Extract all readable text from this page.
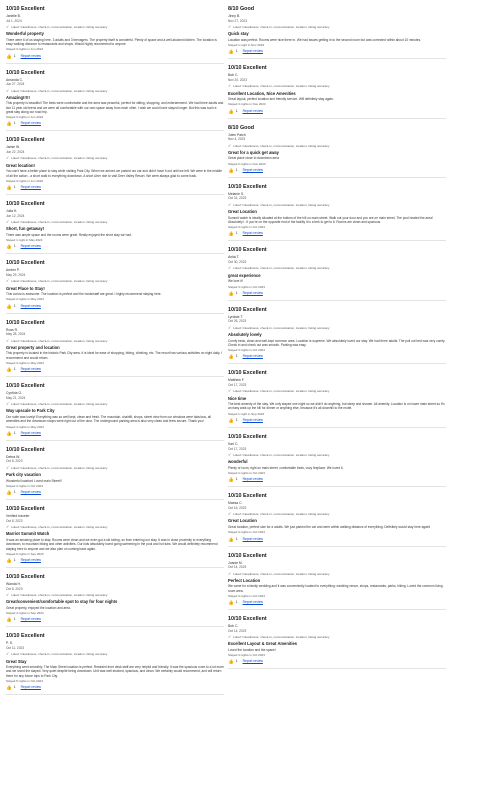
10/10 Excellent
Janelle B.
Jul 1, 2024
✓ Liked: Cleanliness, check-in, communication, location, listing accuracy
Wonderful property
There were 6 of us staying here, 3 adults and 3 teenagers. The property itself is wonderful. Plenty of space and a well-stocked kitchen. The location is easy walking distance to restaurants and shops. Would highly recommend to anyone.
Stayed 3 nights in Jun 2024
👍 1 Report review
10/10 Excellent
Amanda C.
Jun 27, 2024
✓ Liked: Cleanliness, check-in, communication, location, listing accuracy
Amazing!!!!!
This property is beautiful! The beds were comfortable and the area was peaceful, perfect for sitting, shopping, and entertainment. We had three adults and two 11 year old teens and we were all comfortable with our own space away from each other. I wish we could have stayed longer. But this was such a great stay along our road trip.
Stayed 3 nights in Jun 2024
👍 1 Report review
10/10 Excellent
Jamie W.
Jun 22, 2024
✓ Liked: Cleanliness, check-in, communication, location, listing accuracy
Great location!
You can't have a better place to stay while visiting Park City. When we arrived we parked our car and didn't have it out until we left. We were in the middle of all the action - a short walk to everything downtown. A short Uber ride to visit Deer Valley Resort. We were always glad to come back.
Stayed 3 nights in Jun 2024
👍 1 Report review
10/10 Excellent
Julia H.
Jun 12, 2024
✓ Liked: Cleanliness, check-in, communication, location, listing accuracy
Short, fun getaway!
There was ample space and the rooms were great. Really enjoyed the short stay we had.
Stayed 1 night in May 2024
👍 1 Report review
10/10 Excellent
Amber P.
May 29, 2024
✓ Liked: Cleanliness, check-in, communication, location, listing accuracy
Great Place to Stay!
This condo is awesome. The location is perfect and the hosts/staff are great. I highly recommend staying here.
Stayed 2 nights in May 2024
👍 1 Report review
10/10 Excellent
Ross R.
May 28, 2024
✓ Liked: Cleanliness, check-in, communication, location, listing accuracy
Great property and location
This property is located in the historic Park City area. It is ideal for ease of shopping, biking, climbing, etc. The resort has various activities on night daily. I recommend and would return.
Stayed 3 nights in May 2024
👍 1 Report review
10/10 Excellent
Cynthia G.
May 21, 2024
✓ Liked: Cleanliness, check-in, communication, location, listing accuracy
Way upscale to Park City
Our suite was lovely! Everything was so well kept, clean and fresh. The mountain, chairlift, shops, street view from our windows were fabulous, all amenities and the downtown shops were right out of the door. The underground parking area is also very clean and feels secure. Thank you!
Stayed 4 nights in May 2024
👍 1 Report review
10/10 Excellent
Debra W.
Oct 8, 2023
✓ Liked: Cleanliness, check-in, communication, location, listing accuracy
Park city vacation
Wonderful location! Loved main Street!!
Stayed 3 nights in Oct 2023
👍 1 Report review
10/10 Excellent
Verified traveler
Oct 8, 2023
✓ Liked: Cleanliness, check-in, communication, location, listing accuracy
Marriot Summit Watch
It was an amazing place to stay. Rooms were clean and we even got a ski tubing, so from entering our stay. It was in close proximity to everything downtown, to mountain biking and other activities. Our kids absolutely loved going swimming in the pool and hot tubs. We would definitely recommend staying here to anyone and we also plan on coming back again.
Stayed 6 nights in Sep 2023
👍 1 Report review
10/10 Excellent
Wanda H.
Oct 8, 2023
✓ Liked: Cleanliness, check-in, communication, location, listing accuracy
Great/convenient/comfortable spot to stay for four nights
Great property, enjoyed the location and area.
Stayed 4 nights in Sep 2023
👍 1 Report review
10/10 Excellent
P. S.
Oct 11, 2023
✓ Liked: Cleanliness, check-in, communication, location, listing accuracy
Great Stay
Everything went smoothly. The Main Street location is perfect. Restraint front desk staff are very helpful and friendly. It was the spacious room to a lot more and we loved the stayed. Very quiet despite being downtown. Unit was well stocked, spacious, and clean. We certainly would recommend, and will return there for any future trips to Park City.
Stayed 5 nights in Oct 2023
👍 1 Report review
8/10 Good
Jinny B.
Nov 27, 2023
✓ Liked: Cleanliness, check-in, communication, location, listing accuracy
Quick stay
Location was perfect. Rooms were nice there in. We had issues getting in to the second room but was corrected within about 10 minutes.
Stayed 1 night in Nov 2023
👍 1 Report review
10/10 Excellent
Bob C.
Nov 20, 2023
✓ Liked: Cleanliness, check-in, communication, location, listing accuracy
Excellent Location, Nice Amenities
Great layout, perfect location and friendly service. Will definitely stay again.
Stayed 3 nights in Nov 2023
👍 1 Report review
8/10 Good
Jolen Patch
Nov 4, 2023
✓ Liked: Cleanliness, check-in, communication, location, listing accuracy
Great for a quick get away
Great place close to downtown area
Stayed 2 nights in Nov 2023
👍 1 Report review
10/10 Excellent
Melanie S.
Oct 31, 2023
✓ Liked: Cleanliness, check-in, communication, location, listing accuracy
Great Location
Summit watch is ideally situated at the bottom of the hill on main street. Walk out your door and you are on main street. The pool heated the area! Absolutely! - If you're on the opposite end of the facility it is a trek to get to it. Rooms are clean and spacious.
Stayed 3 nights in Oct 2023
👍 1 Report review
10/10 Excellent
Anita T.
Oct 30, 2023
✓ Liked: Cleanliness, check-in, communication, location, listing accuracy
great experience
We love it!
Stayed 3 nights in Oct 2023
👍 1 Report review
10/10 Excellent
Lyndsie T.
Oct 26, 2023
✓ Liked: Cleanliness, check-in, communication, location, listing accuracy
Absolutely lovely
Comfy beds, clean and well-kept common area. Location is supreme. We absolutely loved our stay. We had three adults. The pull out bed was very comfy. Check in and check out was smooth. Parking was easy.
Stayed 3 nights in Oct 2023
👍 1 Report review
10/10 Excellent
Matthew F.
Oct 17, 2023
✓ Liked: Cleanliness, check-in, communication, location, listing accuracy
Nice time
The best amenity of the stay. We only stayed one night so we didn't do anything, but sleep and shower. All amenity. Location is on lower main street so it's an easy walk up the hill for dinner or anything else, because it's all downhill to the motel.
Stayed 1 night in Sep 2023
👍 1 Report review
10/10 Excellent
Kari C.
Oct 17, 2023
✓ Liked: Cleanliness, check-in, communication, location, listing accuracy
wonderful
Plenty of room, right on main street, comfortable beds, cozy fireplace. We loved it.
Stayed 2 nights in Oct 2023
👍 1 Report review
10/10 Excellent
Maesa C.
Oct 16, 2023
✓ Liked: Cleanliness, check-in, communication, location, listing accuracy
Great Location
Great location, perfect size for a adults. We just parked the car and were within walking distance of everything. Definitely would stay here again!
Stayed 3 nights in Oct 2023
👍 1 Report review
10/10 Excellent
Joanie M.
Oct 14, 2023
✓ Liked: Cleanliness, check-in, communication, location, listing accuracy
Perfect Location
We came for a family wedding and it was conveniently located to everything: wedding venue, shops, restaurants, parks, hiking. Loved the common living room area.
Stayed 3 nights in Oct 2023
👍 1 Report review
10/10 Excellent
Bob C.
Oct 14, 2023
✓ Liked: Cleanliness, check-in, communication, location, listing accuracy
Excellent Layout & Great Amenities
Loved the location and the space!
Stayed 3 nights in Oct 2023
👍 1 Report review
